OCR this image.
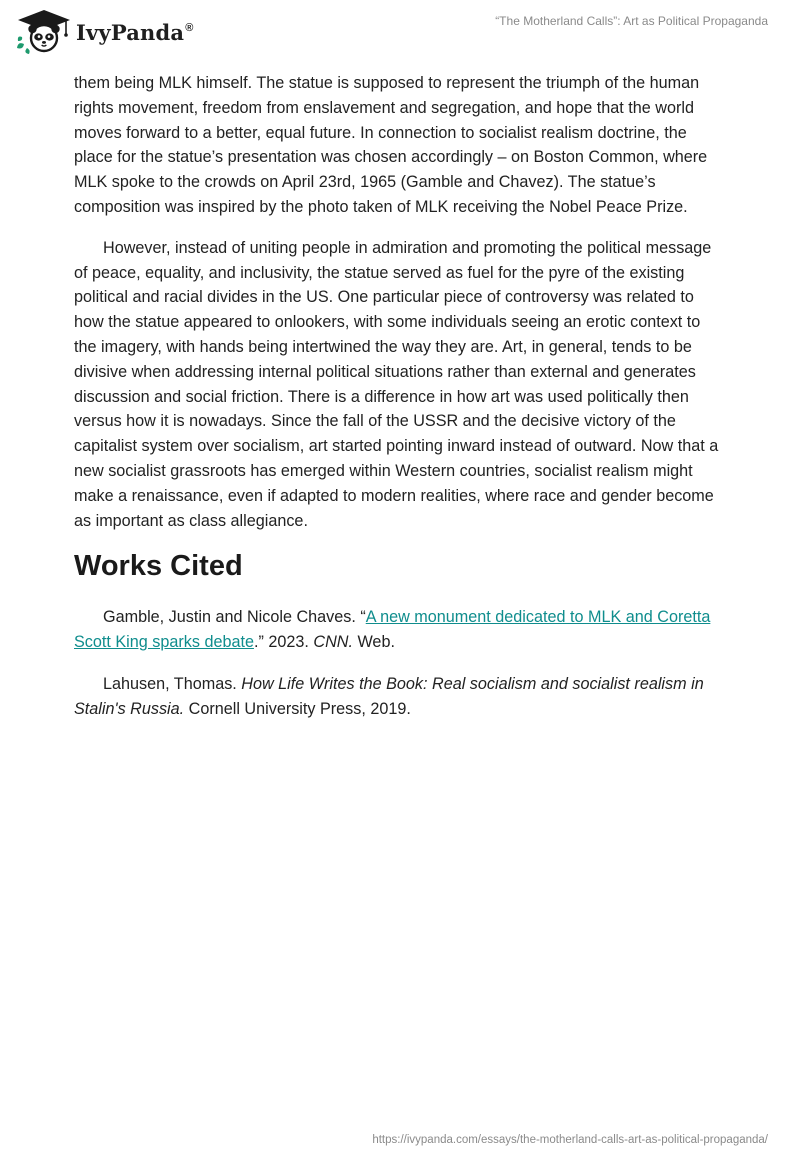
IvyPanda®	“The Motherland Calls”: Art as Political Propaganda

them being MLK himself. The statue is supposed to represent the triumph of the human rights movement, freedom from enslavement and segregation, and hope that the world moves forward to a better, equal future. In connection to socialist realism doctrine, the place for the statue’s presentation was chosen accordingly – on Boston Common, where MLK spoke to the crowds on April 23rd, 1965 (Gamble and Chavez). The statue’s composition was inspired by the photo taken of MLK receiving the Nobel Peace Prize.

However, instead of uniting people in admiration and promoting the political message of peace, equality, and inclusivity, the statue served as fuel for the pyre of the existing political and racial divides in the US. One particular piece of controversy was related to how the statue appeared to onlookers, with some individuals seeing an erotic context to the imagery, with hands being intertwined the way they are. Art, in general, tends to be divisive when addressing internal political situations rather than external and generates discussion and social friction. There is a difference in how art was used politically then versus how it is nowadays. Since the fall of the USSR and the decisive victory of the capitalist system over socialism, art started pointing inward instead of outward. Now that a new socialist grassroots has emerged within Western countries, socialist realism might make a renaissance, even if adapted to modern realities, where race and gender become as important as class allegiance.

Works Cited

Gamble, Justin and Nicole Chaves. “A new monument dedicated to MLK and Coretta Scott King sparks debate.” 2023. CNN. Web.

Lahusen, Thomas. How Life Writes the Book: Real socialism and socialist realism in Stalin's Russia. Cornell University Press, 2019.

https://ivypanda.com/essays/the-motherland-calls-art-as-political-propaganda/
